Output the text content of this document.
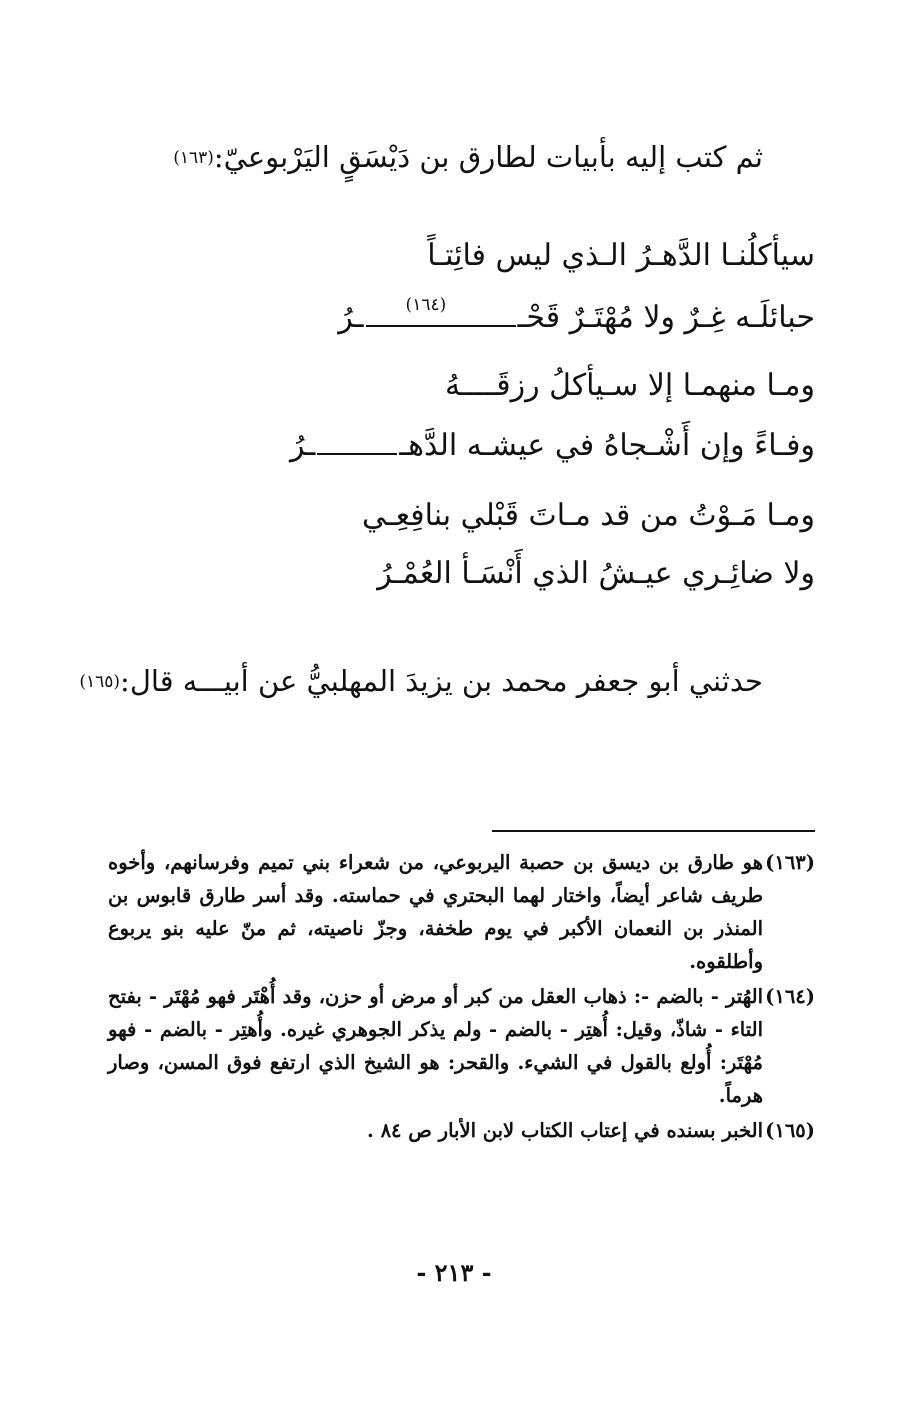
ثم كتب إليه بأبيات لطارق بن دَيْسَقٍ اليَرْبوعيّ:(١٦٣)
سيأكلُنـا الدَّهـرُ الـذي ليس فائِتـاً
حبائلَـه غِـرٌ ولا مُهْتَـرٌ قَحْـ
(١٦٤)
ـرُ
ومـا منهمـا إلا سـيأكلُ رزقَــــهُ
وفـاءً وإن أَشْـجاهُ في عيشـه الدَّهـ
ـرُ
ومـا مَـوْتُ من قد مـاتَ قَبْلي بنافِعِـي
ولا ضائِـري عيـشُ الذي أَنْسَـأ العُمْـرُ
حدثني أبو جعفر محمد بن يزيدَ المهلبيُّ عن أبيـــه قال:(١٦٥)
(١٦٣)
هو طارق بن ديسق بن حصبة اليربوعي، من شعراء بني تميم وفرسانهم، وأخوه طريف شاعر أيضاً، واختار لهما البحتري في حماسته. وقد أسر طارق قابوس بن المنذر بن النعمان الأكبر في يوم طخفة، وجزّ ناصيته، ثم منّ عليه بنو يربوع وأطلقوه.
(١٦٤)
الهُتر - بالضم -: ذهاب العقل من كبر أو مرض أو حزن، وقد أُهْتَر فهو مُهْتَر - بفتح التاء - شاذّ، وقيل: أُهتِر - بالضم - ولم يذكر الجوهري غيره. وأُهتِر - بالضم - فهو مُهْتَر: أُولع بالقول في الشيء. والقحر: هو الشيخ الذي ارتفع فوق المسن، وصار هرماً.
(١٦٥)
الخبر بسنده في إعتاب الكتاب لابن الأبار ص ٨٤ .
- ٢١٣ -
